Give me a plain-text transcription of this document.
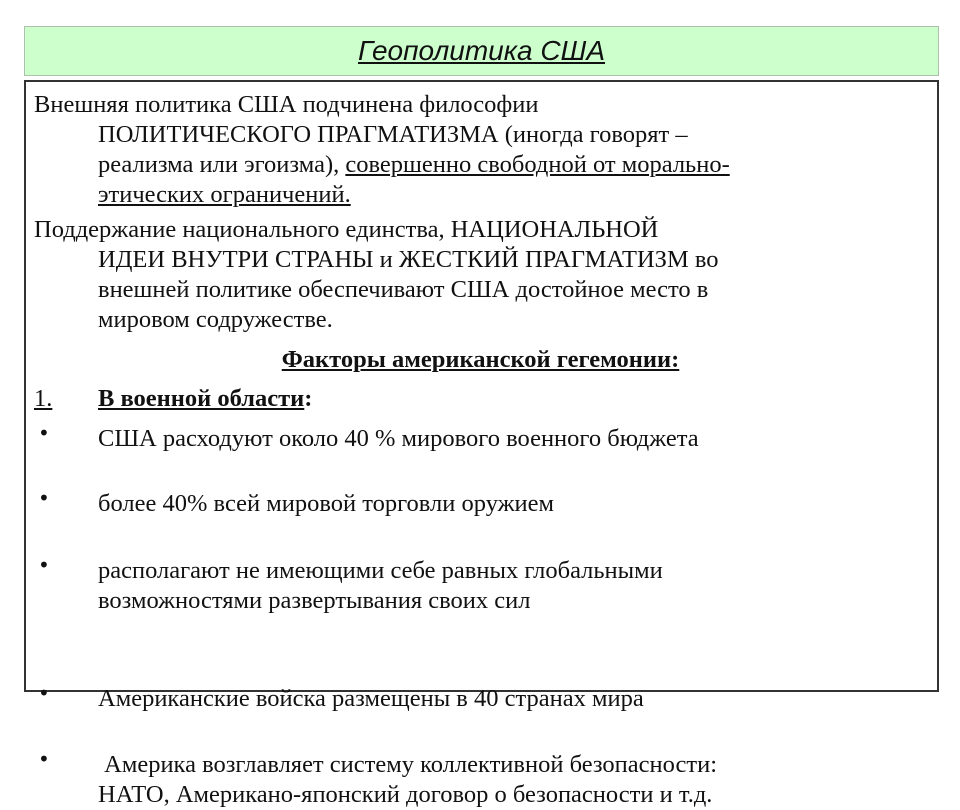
Геополитика США
Внешняя политика США подчинена философии
ПОЛИТИЧЕСКОГО ПРАГМАТИЗМА (иногда говорят –
реализма или эгоизма), совершенно свободной от морально-
этических ограничений.
Поддержание национального единства, НАЦИОНАЛЬНОЙ
ИДЕИ ВНУТРИ СТРАНЫ и ЖЕСТКИЙ ПРАГМАТИЗМ во
внешней политике обеспечивают США достойное место в
мировом содружестве.
Факторы американской гегемонии:
1. В военной области:
• США расходуют около 40 % мирового военного бюджета
• более 40% всей мировой торговли оружием
• располагают не имеющими себе равных глобальными
возможностями развертывания своих сил
• Американские войска размещены в 40 странах мира
• Америка возглавляет систему коллективной безопасности:
НАТО, Американо-японский договор о безопасности и т.д.
